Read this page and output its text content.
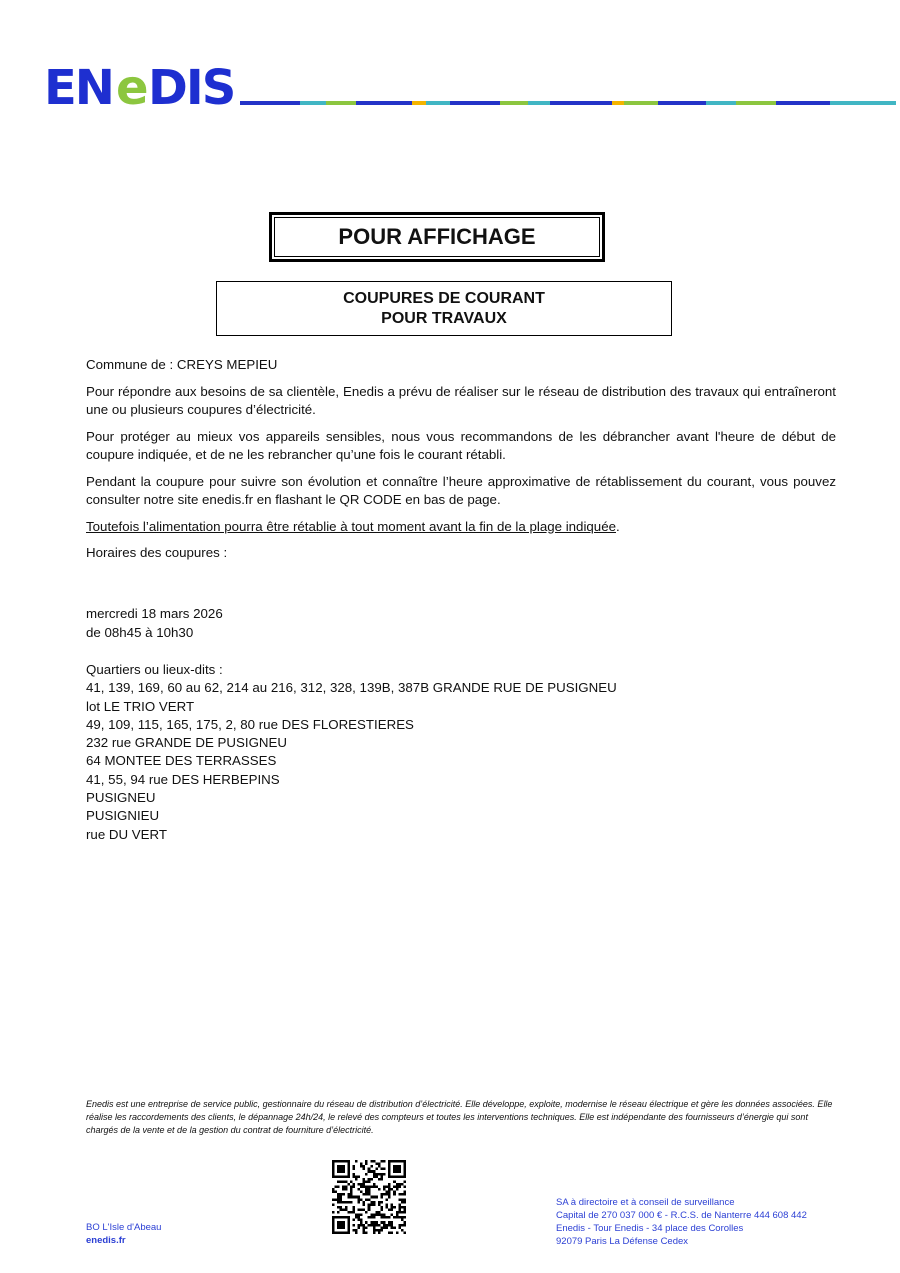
EN e DIS
POUR AFFICHAGE
COUPURES DE COURANT
POUR TRAVAUX

Commune de : CREYS MEPIEU

Pour répondre aux besoins de sa clientèle, Enedis a prévu de réaliser sur le réseau de distribution des travaux qui entraîneront une ou plusieurs coupures d’électricité.

Pour protéger au mieux vos appareils sensibles, nous vous recommandons de les débrancher avant l'heure de début de coupure indiquée, et de ne les rebrancher qu’une fois le courant rétabli.

Pendant la coupure pour suivre son évolution et connaître l’heure approximative de rétablissement du courant, vous pouvez consulter notre site enedis.fr en flashant le QR CODE en bas de page.

Toutefois l’alimentation pourra être rétablie à tout moment avant la fin de la plage indiquée.

Horaires des coupures :

mercredi 18 mars 2026
de 08h45 à 10h30
Quartiers ou lieux-dits :
41, 139, 169, 60 au 62, 214 au 216, 312, 328, 139B, 387B GRANDE RUE DE PUSIGNEU
lot LE TRIO VERT
49, 109, 115, 165, 175, 2, 80 rue DES FLORESTIERES
232 rue GRANDE DE PUSIGNEU
64 MONTEE DES TERRASSES
41, 55, 94 rue DES HERBEPINS
PUSIGNEU
PUSIGNIEU
rue DU VERT
Enedis est une entreprise de service public, gestionnaire du réseau de distribution d’électricité. Elle développe, exploite, modernise le réseau électrique et gère les données associées. Elle réalise les raccordements des clients, le dépannage 24h/24, le relevé des compteurs et toutes les interventions techniques. Elle est indépendante des fournisseurs d’énergie qui sont chargés de la vente et de la gestion du contrat de fourniture d’électricité.
BO L'Isle d'Abeau
enedis.fr
SA à directoire et à conseil de surveillance
Capital de 270 037 000 € - R.C.S. de Nanterre 444 608 442
Enedis - Tour Enedis - 34 place des Corolles
92079 Paris La Défense Cedex
